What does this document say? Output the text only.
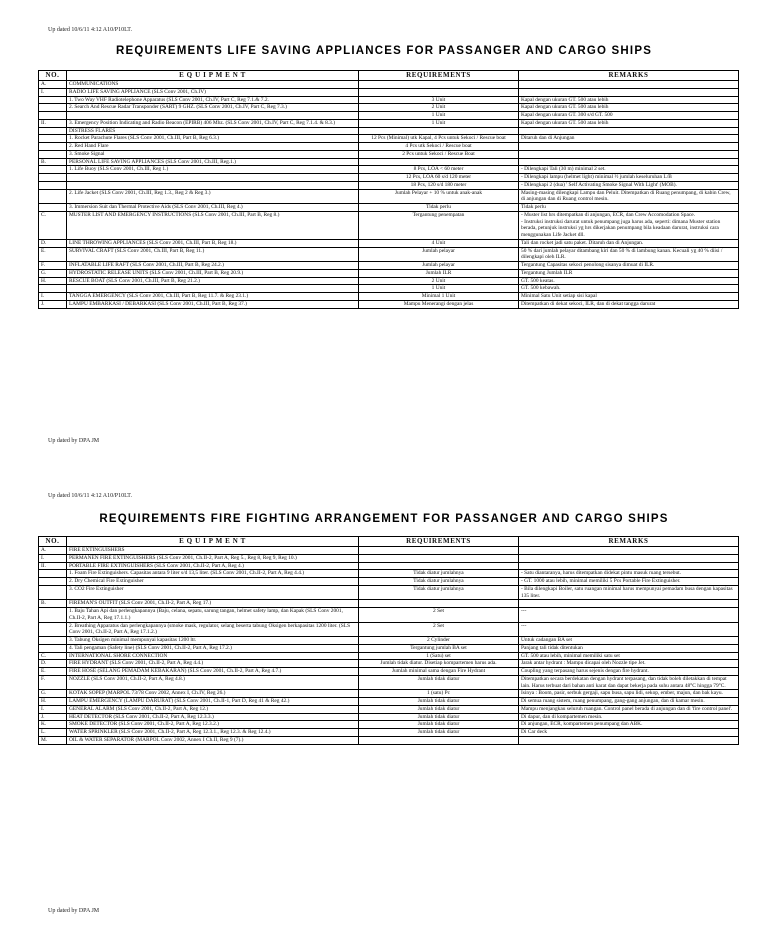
Up dated 10/6/11 4:12 A10/P10LT.
REQUIREMENTS LIFE SAVING APPLIANCES FOR PASSANGER AND CARGO SHIPS
NO.	E Q U I P M E N T	REQUIREMENTS	REMARKS
A.	COMMUNICATIONS		
I.	RADIO LIFE SAVING APPLIANCE (SLS Conv 2001, Ch.IV)		
	1. Two Way VHF Radiotelephone Apparatus (SLS Conv 2001, Ch.IV, Part C, Reg 7.1.& 7.2.	3 Unit	Kapal dengan ukuran GT. 500 atau lebih
	2. Search And Rescue Radar Transponder (SART) 9 GHZ. (SLS Conv 2001, Ch.IV, Part C, Reg 7.3.)	2 Unit	Kapal dengan ukuran GT. 500 atau lebih
		1 Unit	Kapal dengan ukuran GT. 300 s/d GT. 500
II.	3. Emergency Position Indicating and Radio Beacon (EPIRB) 406 Mhz. (SLS Conv 2001, Ch.IV, Part C, Reg 7.1.4. & 8.3.)	1 Unit	Kapal dengan ukuran GT. 500 atau lebih
	DISTRESS FLARES		
	1. Rocket Parachute Flares (SLS Conv 2001, Ch.III, Part B, Reg 6.3.)	12 Pcs (Minimal) utk Kapal, 4 Pcs untuk Sekoci / Rescue boat	Ditaruh dan di Anjungan
	2. Red Hand Flare	4 Pcs utk Sekoci / Rescue boat	
	3. Smoke Signal	2 Pcs untuk Sekoci / Rescue Boat	
B.	PERSONAL LIFE SAVING APPLIANCES (SLS Conv 2001, Ch.III, Reg.1.)		
	1. Life Buoy (SLS Conv 2001, Ch.III, Reg 1.)	8 Pcs, LOA < 60 meter	- Dilengkapi Tali (30 m) minimal 2 set.
		12 Pcs, LOA 60 s/d 120 meter	- Dilengkapi lampu (helmet light) minimal ½ jumlah keseluruhan L/B
		18 Pcs, 120 s/d 180 meter	- Dilengkapi 2 (dua) ' Self Activating Smoke Signal With Light' (MOB).
	2. Life Jacket (SLS Conv 2001, Ch.III, Reg 1.3., Reg 2 & Reg 3.)	Jumlah Pelayar + 10 % untuk anak-anak	Masing-masing dilengkapi Lampu dan Peluit. Ditempatkan di Ruang penumpang, di kabin Crew, di anjungan dan di Ruang control mesin.
	3. Immersion Suit dan Thermal Protective Aids (SLS Conv 2001, Ch.III, Reg 4.)	Tidak perlu	Tidak perlu
C.	MUSTER LIST AND EMERGENCY INSTRUCTIONS (SLS Conv 2001, Ch.III, Part B, Reg 8.)	Tergantung penempatan	- Muster list hrs ditempatkan di anjungan, ECR, dan Crew Accomodation Space.
- Instruksi instruksi darurat untuk penumpang juga harus ada, seperti: dimana Muster station berada, petunjuk instruksi yg hrs dikerjakan penumpang bila keadaan darurat, instruksi cara menggunakan Life Jacket dll.
D.	LINE THROWING APPLIANCES (SLS Conv 2001, Ch.III, Part B, Reg 18.)	4 Unit	Tali dan rocket jadi satu paket. Ditaruh dan di Anjungan.
E.	SURVIVAL CRAFT (SLS Conv 2001, Ch.III, Part B, Reg 11.)	Jumlah pelayar	50 % dari jumlah pelayar ditambang kiri dan 50 % di lambung kanan. Kecuali yg 40 % diisi / dilengkapi oleh ILR.
F.	INFLATABLE LIFE RAFT (SLS Conv 2001, Ch.III, Part B, Reg 24.2.)	Jumlah pelayar	Tergantung Capasitas sekoci penolong sisanya dimuat di ILR.
G.	HYDROSTATIC RELEASE UNITS (SLS Conv 2001, Ch.III, Part B, Reg 20.9.)	Jumlah ILR	Tergantung Jumlah ILR
H.	RESCUE BOAT (SLS Conv 2001, Ch.III, Part B, Reg 21.2.)	2 Unit	GT. 500 keatas.
		1 Unit	GT. 500 kebawah.
I.	TANGGA EMERGENCY (SLS Conv 2001, Ch.III, Part B, Reg 11.7. & Reg 23.1.)	Minimal 1 Unit	Minimal Satu Unit setiap sisi kapal
J.	LAMPU EMBARKASI / DEBARKASI (SLS Conv 2001, Ch.III, Part B, Reg 37.)	Mampu Menerangi dengan jelas	Ditempatkan di dekat sekoci, ILR, dan di dekat tangga darurat
Up dated by DPA JM
Up dated 10/6/11 4:12 A10/P10LT.
REQUIREMENTS FIRE FIGHTING ARRANGEMENT FOR PASSANGER AND CARGO SHIPS
NO.	E Q U I P M E N T	REQUIREMENTS	REMARKS
A.	FIRE EXTINGUISHERS		
I.	PERMANEN FIRE EXTINGUISHERS (SLS Conv 2001, Ch.II-2, Part A, Reg 5., Reg 8, Reg 9, Reg 10.)		
II.	PORTABLE FIRE EXTINGUISHERS (SLS Conv 2001, Ch.II-2, Part A, Reg 4.)		
	1. Foam Fire Extinguishers. Capasitas antara 9 liter s/d 13,5 liter. (SLS Conv 2001, Ch.II-2, Part A, Reg 4.4.)	Tidak diatur jumlahnya	- Satu diantaranya, harus ditempatkan didekat pintu masuk ruang tersebut.
	2. Dry Chemical Fire Extinguisher	Tidak diatur jumlahnya	- GT. 1000 atau lebih, minimal memiliki 5 Pcs Portable Fire Extinguisher.
	3. CO2 Fire Extinguisher	Tidak diatur jumlahnya	- Bila dilengkapi Boiler, satu ruangan minimal harus mempunyai pemadam busa dengan kapasitas 135 liter.
B.	FIREMAN'S OUTFIT (SLS Conv 2001, Ch.II-2, Part A, Reg 17.)		
	1. Baju Tahan Api dan perlengkapannya (Baju, celana, sepatu, sarung tangan, helmet safety lamp, dan Kapak (SLS Conv 2001, Ch.II-2, Part A, Reg 17.1.1.)	2 Set	---
	2. Breathing Apparatus dan perlengkapannya (smoke mask, regulator, selang beserta tabung Oksigen berkapasitas 1200 liter. (SLS Conv 2001, Ch.II-2, Part A, Reg 17.1.2.)	2 Set	---
	3. Tabung Oksigen minimal mempunyai kapasitas 1200 ltr.	2 Cylinder	Untuk cadangan BA set
	4. Tali pengaman (Safety line) (SLS Conv 2001, Ch.II-2, Part A, Reg 17.2.)	Tergantung jumlah BA set	Panjang tali tidak ditentukan
C.	INTERNATIONAL SHORE CONNECTION	1 (Satu) set	GT. 500 atau lebih, minimal memiliki satu set
D.	FIRE HYDRANT (SLS Conv 2001, Ch.II-2, Part A, Reg 4.4.)	Jumlah tidak diatur. Disetiap kompartemen harus ada.	Jarak antar hydrant : Mampu dicapai oleh Nozzle tipe Jet.
E.	FIRE HOSE (SELANG PEMADAM KEBAKARAN) (SLS Conv 2001, Ch.II-2, Part A, Reg 4.7.)	Jumlah minimal sama dengan Fire Hydrant	Coupling yang terpasang harus sejenis dengan fire hydrant.
F.	NOZZLE (SLS Conv 2001, Ch.II-2, Part A, Reg 4.8.)	Jumlah tidak diatur	Ditempatkan secara berdekatan dengan hydrant terpasang, dan tidak boleh diletakkan di tempat lain. Harus terbuat dari bahan anti karat dan dapat bekerja pada suhu antara 48°C hingga 79°C.
G.	KOTAK SOPEP (MARPOL 73/78 Conv 2002, Annex I, Ch.IV, Reg 26.)	1 (satu) Pc	Isinya : Boom, pasir, serbuk gergaji, sapu busa, sapu lidi, sekop, ember, majun, dan bak kayu.
H.	LAMPU EMERGENCY (LAMPU DARURAT) (SLS Conv 2001, Ch.II-1, Part D, Reg 41 & Reg 42.)	Jumlah tidak diatur	Di semua ruang sistem, ruang penumpang, gang-gang anjungan, dan di kamar mesin.
I.	GENERAL ALARM (SLS Conv 2001, Ch.II-2, Part A, Reg 12.)	Jumlah tidak diatur	Mampu menjangkau seluruh ruangan. Control panel berada di anjungan dan di 'fire control panel'.
J.	HEAT DETECTOR (SLS Conv 2001, Ch.II-2, Part A, Reg 12.3.3.)	Jumlah tidak diatur	Di dapur, dan di kompartemen mesin.
K.	SMOKE DETECTOR (SLS Conv 2001, Ch.II-2, Part A, Reg 12.3.2.)	Jumlah tidak diatur	Di anjungan, ECR, kompartemen penumpang dan ABK.
L.	WATER SPRINKLER (SLS Conv 2001, Ch.II-2, Part A, Reg 12.3.1., Reg 12.3. & Reg 12.4.)	Jumlah tidak diatur	Di Car deck
M.	OIL & WATER SEPARATOR (MARPOL Conv 2002, Annex I Ch.II, Reg 9 (7).)		
Up dated by DPA JM
